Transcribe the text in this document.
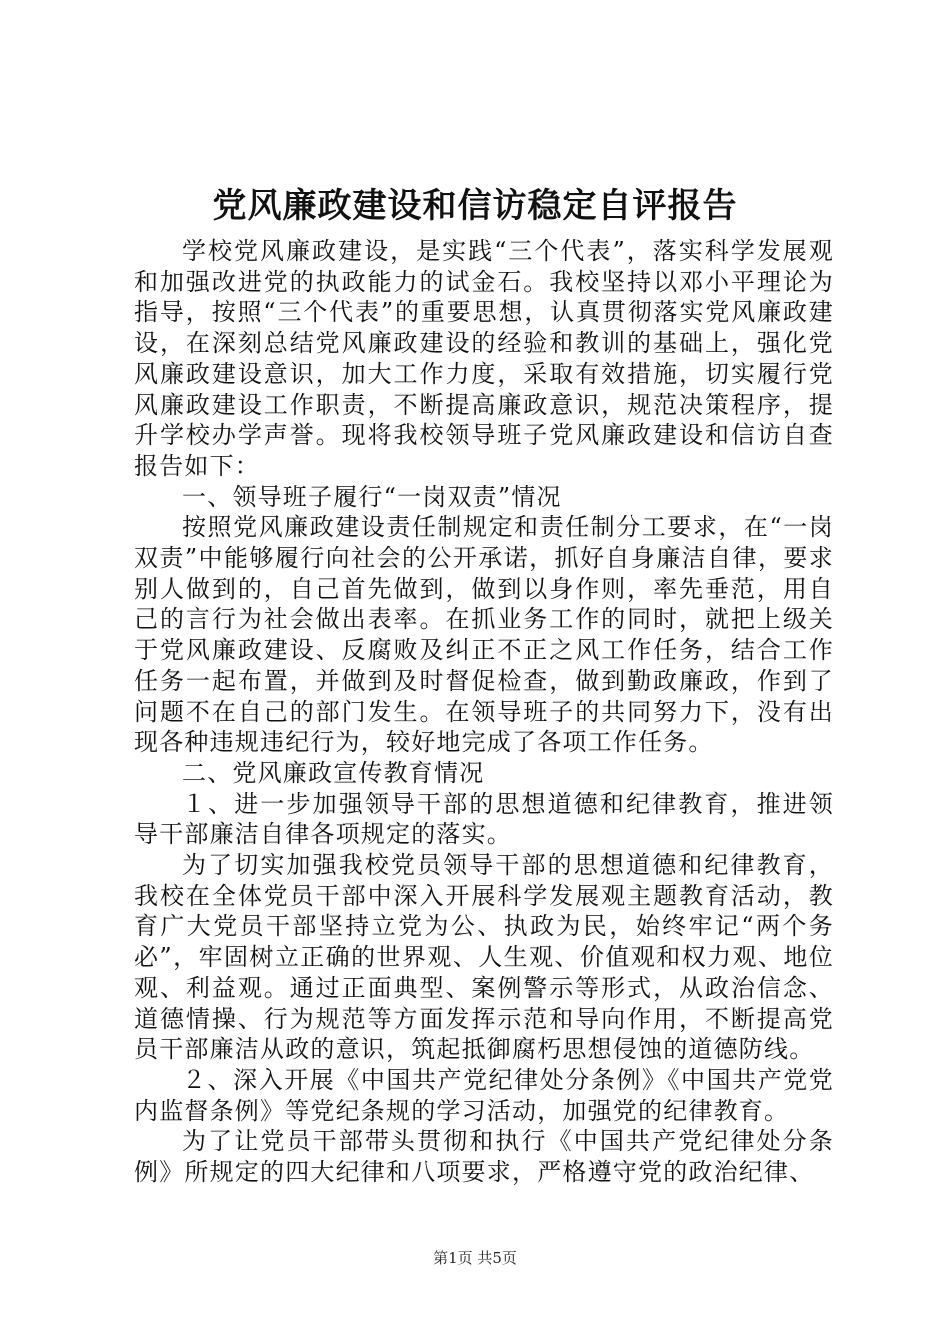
党风廉政建设和信访稳定自评报告

学校党风廉政建设，是实践“三个代表”，落实科学发展观和加强改进党的执政能力的试金石。我校坚持以邓小平理论为指导，按照“三个代表”的重要思想，认真贯彻落实党风廉政建设，在深刻总结党风廉政建设的经验和教训的基础上，强化党风廉政建设意识，加大工作力度，采取有效措施，切实履行党风廉政建设工作职责，不断提高廉政意识，规范决策程序，提升学校办学声誉。现将我校领导班子党风廉政建设和信访自查报告如下：

一、领导班子履行“一岗双责”情况

按照党风廉政建设责任制规定和责任制分工要求，在“一岗双责”中能够履行向社会的公开承诺，抓好自身廉洁自律，要求别人做到的，自己首先做到，做到以身作则，率先垂范，用自己的言行为社会做出表率。在抓业务工作的同时，就把上级关于党风廉政建设、反腐败及纠正不正之风工作任务，结合工作任务一起布置，并做到及时督促检查，做到勤政廉政，作到了问题不在自己的部门发生。在领导班子的共同努力下，没有出现各种违规违纪行为，较好地完成了各项工作任务。

二、党风廉政宣传教育情况

１、进一步加强领导干部的思想道德和纪律教育，推进领导干部廉洁自律各项规定的落实。

为了切实加强我校党员领导干部的思想道德和纪律教育，我校在全体党员干部中深入开展科学发展观主题教育活动，教育广大党员干部坚持立党为公、执政为民，始终牢记“两个务必”，牢固树立正确的世界观、人生观、价值观和权力观、地位观、利益观。通过正面典型、案例警示等形式，从政治信念、道德情操、行为规范等方面发挥示范和导向作用，不断提高党员干部廉洁从政的意识，筑起抵御腐朽思想侵蚀的道德防线。

２、深入开展《中国共产党纪律处分条例》《中国共产党党内监督条例》等党纪条规的学习活动，加强党的纪律教育。

为了让党员干部带头贯彻和执行《中国共产党纪律处分条例》所规定的四大纪律和八项要求，严格遵守党的政治纪律、

第1页 共5页
